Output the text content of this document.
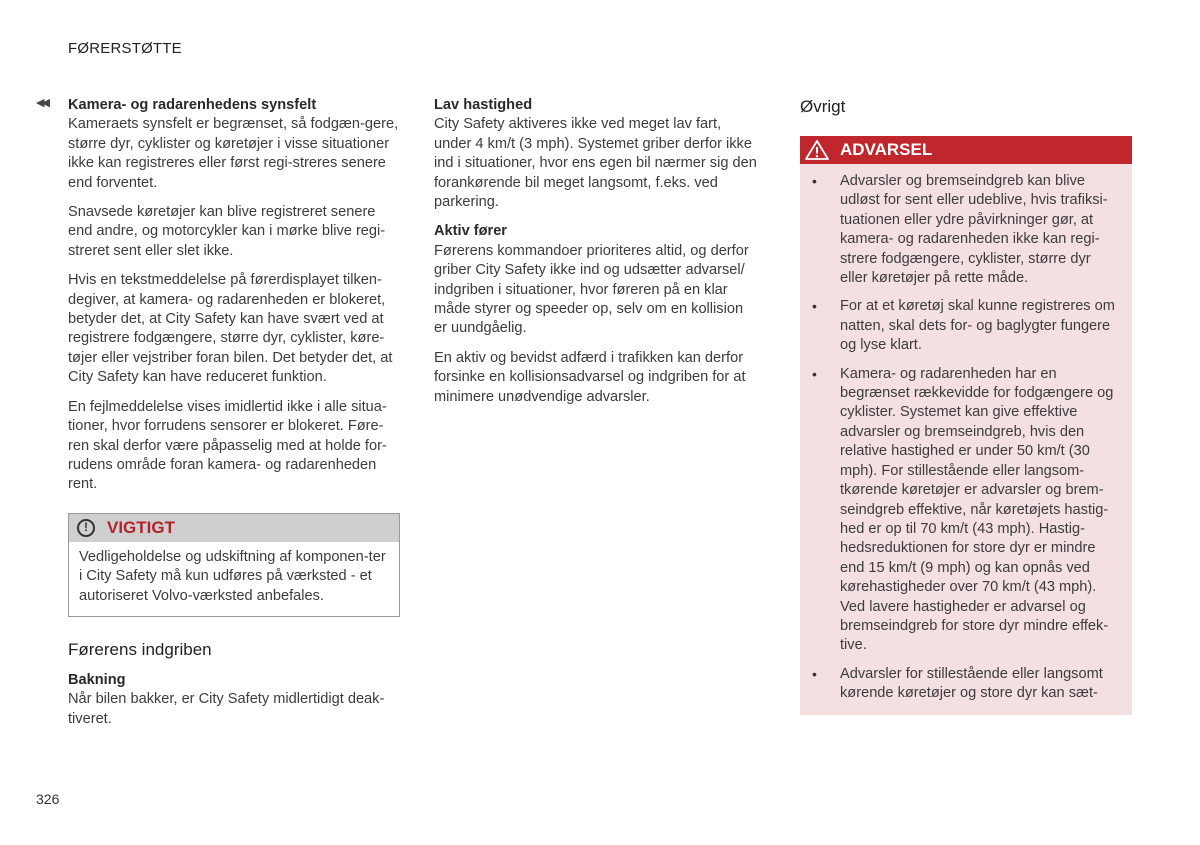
FØRERSTØTTE
◀◀ Kamera- og radarenhedens synsfelt

Kameraets synsfelt er begrænset, så fodgæn-gere, større dyr, cyklister og køretøjer i visse situationer ikke kan registreres eller først regi-streres senere end forventet.

Snavsede køretøjer kan blive registreret senere end andre, og motorcykler kan i mørke blive regi-streret sent eller slet ikke.

Hvis en tekstmeddelelse på førerdisplayet tilken-degiver, at kamera- og radarenheden er blokeret, betyder det, at City Safety kan have svært ved at registrere fodgængere, større dyr, cyklister, køre-tøjer eller vejstriber foran bilen. Det betyder det, at City Safety kan have reduceret funktion.

En fejlmeddelelse vises imidlertid ikke i alle situa-tioner, hvor forrudens sensorer er blokeret. Føre-ren skal derfor være påpasselig med at holde for-rudens område foran kamera- og radarenheden rent.

!	VIGTIGT
Vedligeholdelse og udskiftning af komponen-ter i City Safety må kun udføres på værksted - et autoriseret Volvo-værksted anbefales.
Førerens indgriben
Bakning

Når bilen bakker, er City Safety midlertidigt deak-tiveret.

Lav hastighed

City Safety aktiveres ikke ved meget lav fart, under 4 km/t (3 mph). Systemet griber derfor ikke ind i situationer, hvor ens egen bil nærmer sig den forankørende bil meget langsomt, f.eks. ved parkering.

Aktiv fører

Førerens kommandoer prioriteres altid, og derfor griber City Safety ikke ind og udsætter advarsel/ indgriben i situationer, hvor føreren på en klar måde styrer og speeder op, selv om en kollision er uundgåelig.

En aktiv og bevidst adfærd i trafikken kan derfor forsinke en kollisionsadvarsel og indgriben for at minimere unødvendige advarsler.

Øvrigt
ADVARSEL
• Advarsler og bremseindgreb kan blive udløst for sent eller udeblive, hvis trafiksi-tuationen eller ydre påvirkninger gør, at kamera- og radarenheden ikke kan regi-strere fodgængere, cyklister, større dyr eller køretøjer på rette måde.
• For at et køretøj skal kunne registreres om natten, skal dets for- og baglygter fungere og lyse klart.
• Kamera- og radarenheden har en begrænset rækkevidde for fodgængere og cyklister. Systemet kan give effektive advarsler og bremseindgreb, hvis den relative hastighed er under 50 km/t (30 mph). For stillestående eller langsom-tkørende køretøjer er advarsler og brem-seindgreb effektive, når køretøjets hastig-hed er op til 70 km/t (43 mph). Hastig-hedsreduktionen for store dyr er mindre end 15 km/t (9 mph) og kan opnås ved kørehastigheder over 70 km/t (43 mph). Ved lavere hastigheder er advarsel og bremseindgreb for store dyr mindre effek-tive.
• Advarsler for stillestående eller langsomt kørende køretøjer og store dyr kan sæt-
326
